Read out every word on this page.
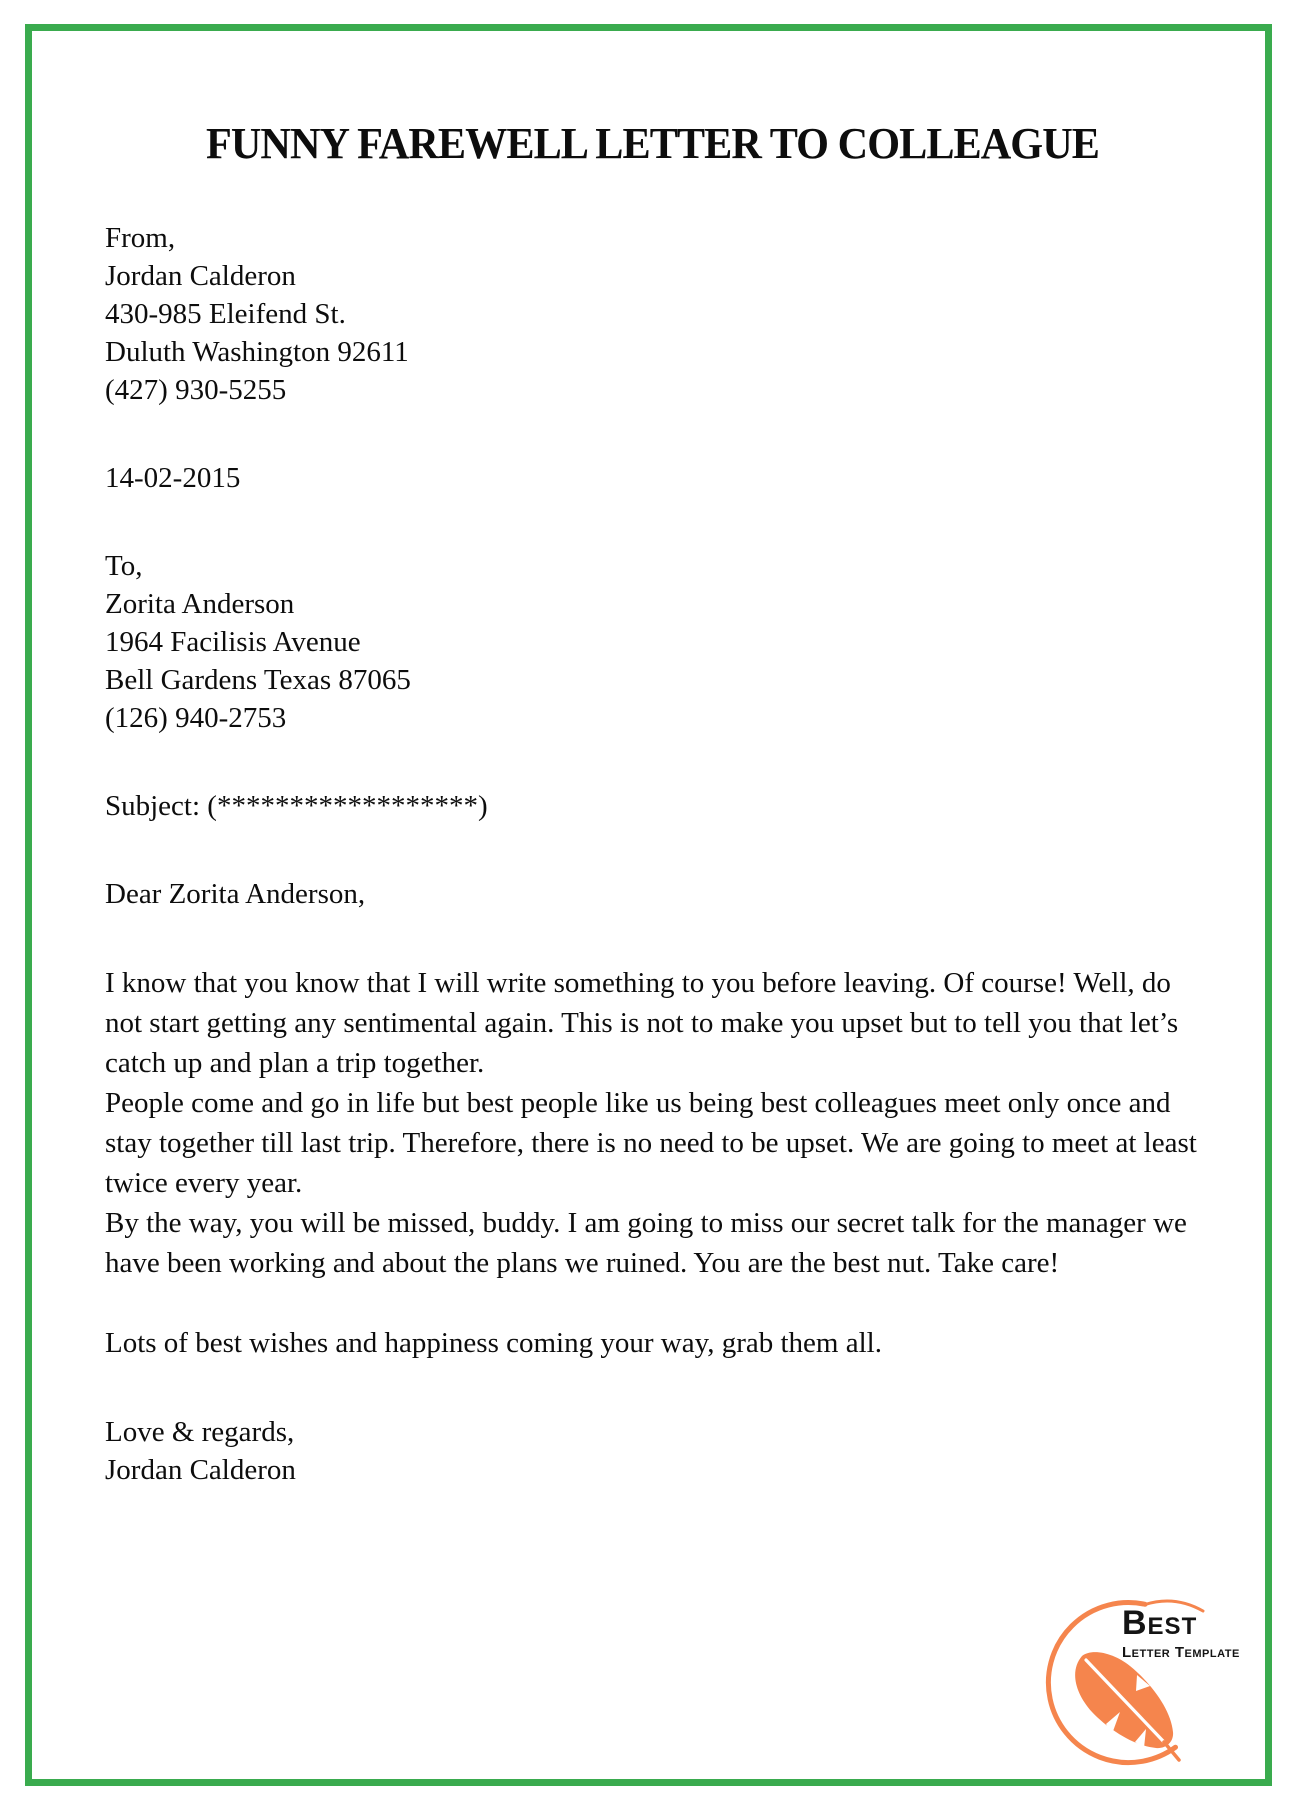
FUNNY FAREWELL LETTER TO COLLEAGUE

From,

Jordan Calderon

430-985 Eleifend St.

Duluth Washington 92611

(427) 930-5255

14-02-2015

To,

Zorita Anderson

1964 Facilisis Avenue

Bell Gardens Texas 87065

(126) 940-2753

Subject: (******************)

Dear Zorita Anderson,

I know that you know that I will write something to you before leaving. Of course! Well, do not start getting any sentimental again. This is not to make you upset but to tell you that let’s catch up and plan a trip together.

People come and go in life but best people like us being best colleagues meet only once and stay together till last trip. Therefore, there is no need to be upset. We are going to meet at least twice every year.

By the way, you will be missed, buddy. I am going to miss our secret talk for the manager we have been working and about the plans we ruined. You are the best nut. Take care!

Lots of best wishes and happiness coming your way, grab them all.

Love & regards,

Jordan Calderon

Best
Letter Template
